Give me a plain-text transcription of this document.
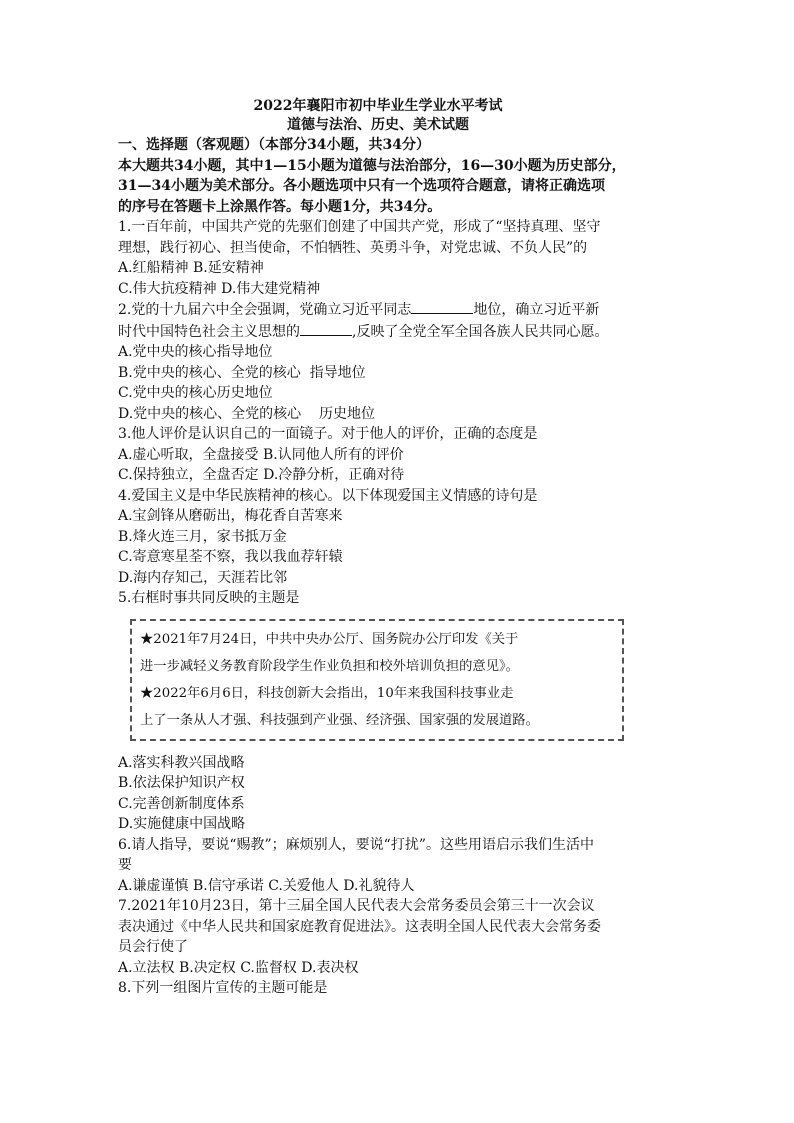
2022年襄阳市初中毕业生学业水平考试
道德与法治、历史、美术试题
一、选择题（客观题）（本部分34小题，共34分）
本大题共34小题，其中1—15小题为道德与法治部分，16—30小题为历史部分，
31—34小题为美术部分。各小题选项中只有一个选项符合题意，请将正确选项
的序号在答题卡上涂黑作答。每小题1分，共34分。
1.一百年前，中国共产党的先驱们创建了中国共产党，形成了“坚持真理、坚守
理想，践行初心、担当使命，不怕牺牲、英勇斗争，对党忠诚、不负人民”的
A.红船精神 B.延安精神
C.伟大抗疫精神 D.伟大建党精神
2.党的十九届六中全会强调，党确立习近平同志	地位，确立习近平新
时代中国特色社会主义思想的	,反映了全党全军全国各族人民共同心愿。
A.党中央的核心指导地位
B.党中央的核心、全党的核心  指导地位
C.党中央的核心历史地位
D.党中央的核心、全党的核心    历史地位
3.他人评价是认识自己的一面镜子。对于他人的评价，正确的态度是
A.虚心听取，全盘接受 B.认同他人所有的评价
C.保持独立，全盘否定 D.冷静分析，正确对待
4.爱国主义是中华民族精神的核心。以下体现爱国主义情感的诗句是
A.宝剑锋从磨砺出，梅花香自苦寒来
B.烽火连三月，家书抵万金
C.寄意寒星荃不察，我以我血荐轩辕
D.海内存知己，天涯若比邻
5.右框时事共同反映的主题是
★2021年7月24日，中共中央办公厅、国务院办公厅印发《关于
进一步减轻义务教育阶段学生作业负担和校外培训负担的意见》。
★2022年6月6日，科技创新大会指出，10年来我国科技事业走
上了一条从人才强、科技强到产业强、经济强、国家强的发展道路。
A.落实科教兴国战略
B.依法保护知识产权
C.完善创新制度体系
D.实施健康中国战略
6.请人指导，要说“赐教”；麻烦别人，要说“打扰”。这些用语启示我们生活中
要
A.谦虚谨慎 B.信守承诺 C.关爱他人 D.礼貌待人
7.2021年10月23日，第十三届全国人民代表大会常务委员会第三十一次会议
表决通过《中华人民共和国家庭教育促进法》。这表明全国人民代表大会常务委
员会行使了
A.立法权 B.决定权 C.监督权 D.表决权
8.下列一组图片宣传的主题可能是
